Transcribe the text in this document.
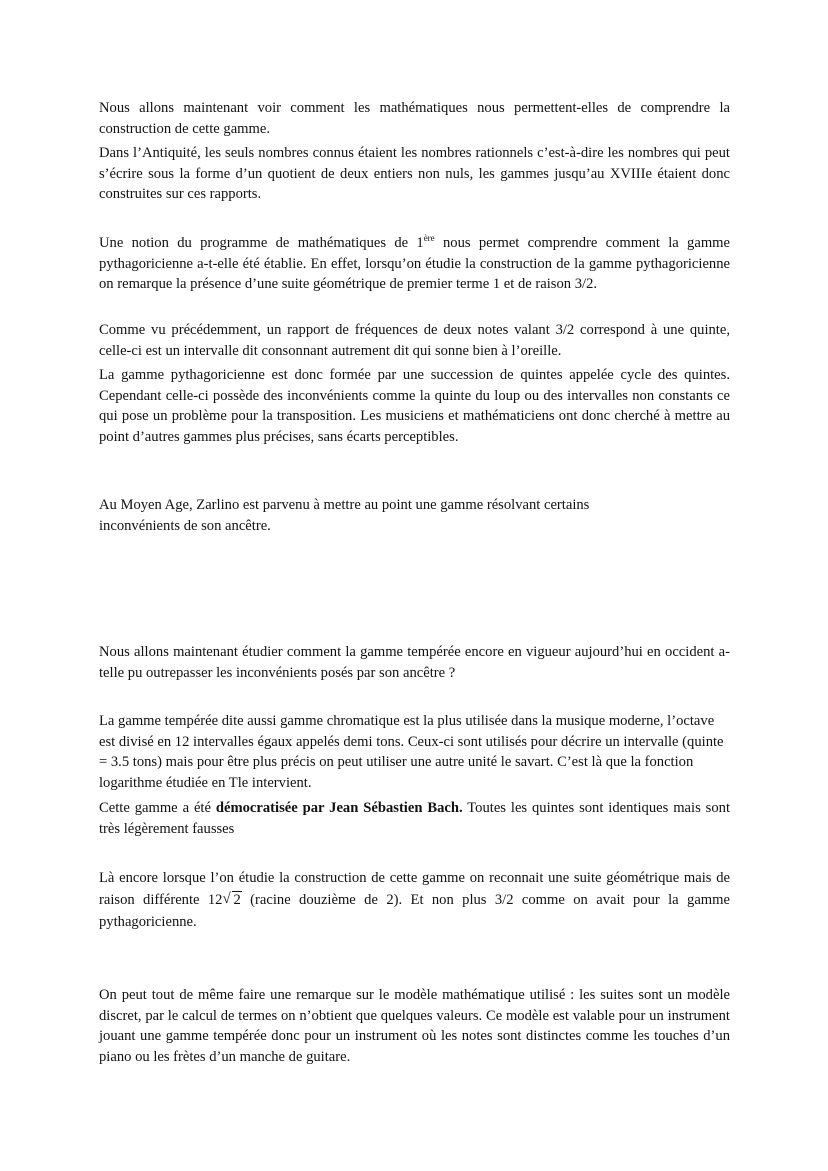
Nous allons maintenant voir comment les mathématiques nous permettent-elles de comprendre la construction de cette gamme.

Dans l’Antiquité, les seuls nombres connus étaient les nombres rationnels c’est-à-dire les nombres qui peut s’écrire sous la forme d’un quotient de deux entiers non nuls, les gammes jusqu’au XVIIIe étaient donc construites sur ces rapports.

Une notion du programme de mathématiques de 1ère nous permet comprendre comment la gamme pythagoricienne a-t-elle été établie. En effet, lorsqu’on étudie la construction de la gamme pythagoricienne on remarque la présence d’une suite géométrique de premier terme 1 et de raison 3/2.

Comme vu précédemment, un rapport de fréquences de deux notes valant 3/2 correspond à une quinte, celle-ci est un intervalle dit consonnant autrement dit qui sonne bien à l’oreille.

La gamme pythagoricienne est donc formée par une succession de quintes appelée cycle des quintes. Cependant celle-ci possède des inconvénients comme la quinte du loup ou des intervalles non constants ce qui pose un problème pour la transposition. Les musiciens et mathématiciens ont donc cherché à mettre au point d’autres gammes plus précises, sans écarts perceptibles.

Au Moyen Age, Zarlino est parvenu à mettre au point une gamme résolvant certains inconvénients de son ancêtre.

Nous allons maintenant étudier comment la gamme tempérée encore en vigueur aujourd’hui en occident a-telle pu outrepasser les inconvénients posés par son ancêtre ?

La gamme tempérée dite aussi gamme chromatique est la plus utilisée dans la musique moderne, l’octave est divisé en 12 intervalles égaux appelés demi tons. Ceux-ci sont utilisés pour décrire un intervalle (quinte = 3.5 tons) mais pour être plus précis on peut utiliser une autre unité le savart. C’est là que la fonction logarithme étudiée en Tle intervient.

Cette gamme a été démocratisée par Jean Sébastien Bach. Toutes les quintes sont identiques mais sont très légèrement fausses

Là encore lorsque l’on étudie la construction de cette gamme on reconnait une suite géométrique mais de raison différente 12√ 2 (racine douzième de 2). Et non plus 3/2 comme on avait pour la gamme pythagoricienne.

On peut tout de même faire une remarque sur le modèle mathématique utilisé : les suites sont un modèle discret, par le calcul de termes on n’obtient que quelques valeurs. Ce modèle est valable pour un instrument jouant une gamme tempérée donc pour un instrument où les notes sont distinctes comme les touches d’un piano ou les frètes d’un manche de guitare.
